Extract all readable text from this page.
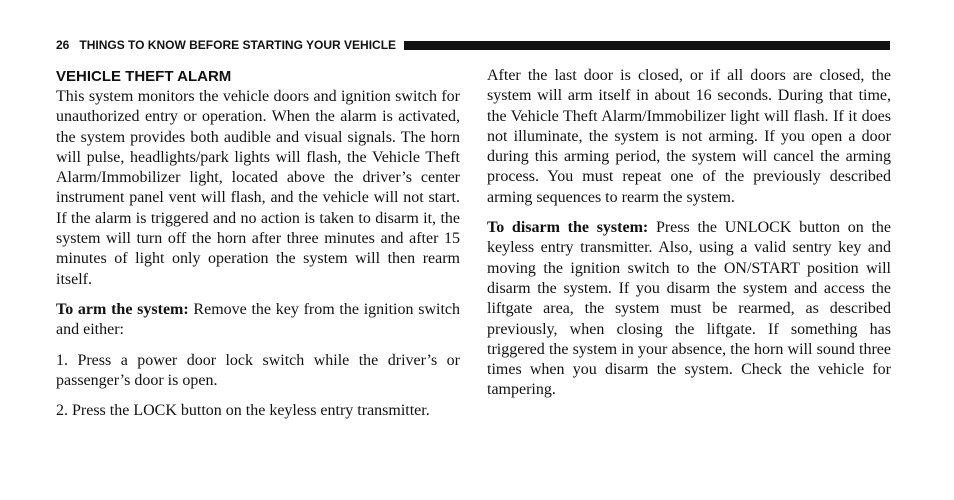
26 THINGS TO KNOW BEFORE STARTING YOUR VEHICLE
VEHICLE THEFT ALARM

This system monitors the vehicle doors and ignition switch for unauthorized entry or operation. When the alarm is activated, the system provides both audible and visual signals. The horn will pulse, headlights/park lights will flash, the Vehicle Theft Alarm/Immobilizer light, located above the driver’s center instrument panel vent will flash, and the vehicle will not start. If the alarm is triggered and no action is taken to disarm it, the system will turn off the horn after three minutes and after 15 minutes of light only operation the system will then rearm itself.

To arm the system: Remove the key from the ignition switch and either:

1. Press a power door lock switch while the driver’s or passenger’s door is open.

2. Press the LOCK button on the keyless entry transmitter.

After the last door is closed, or if all doors are closed, the system will arm itself in about 16 seconds. During that time, the Vehicle Theft Alarm/Immobilizer light will flash. If it does not illuminate, the system is not arming. If you open a door during this arming period, the system will cancel the arming process. You must repeat one of the previously described arming sequences to rearm the system.

To disarm the system: Press the UNLOCK button on the keyless entry transmitter. Also, using a valid sentry key and moving the ignition switch to the ON/START position will disarm the system. If you disarm the system and access the liftgate area, the system must be rearmed, as described previously, when closing the liftgate. If something has triggered the system in your absence, the horn will sound three times when you disarm the system. Check the vehicle for tampering.
